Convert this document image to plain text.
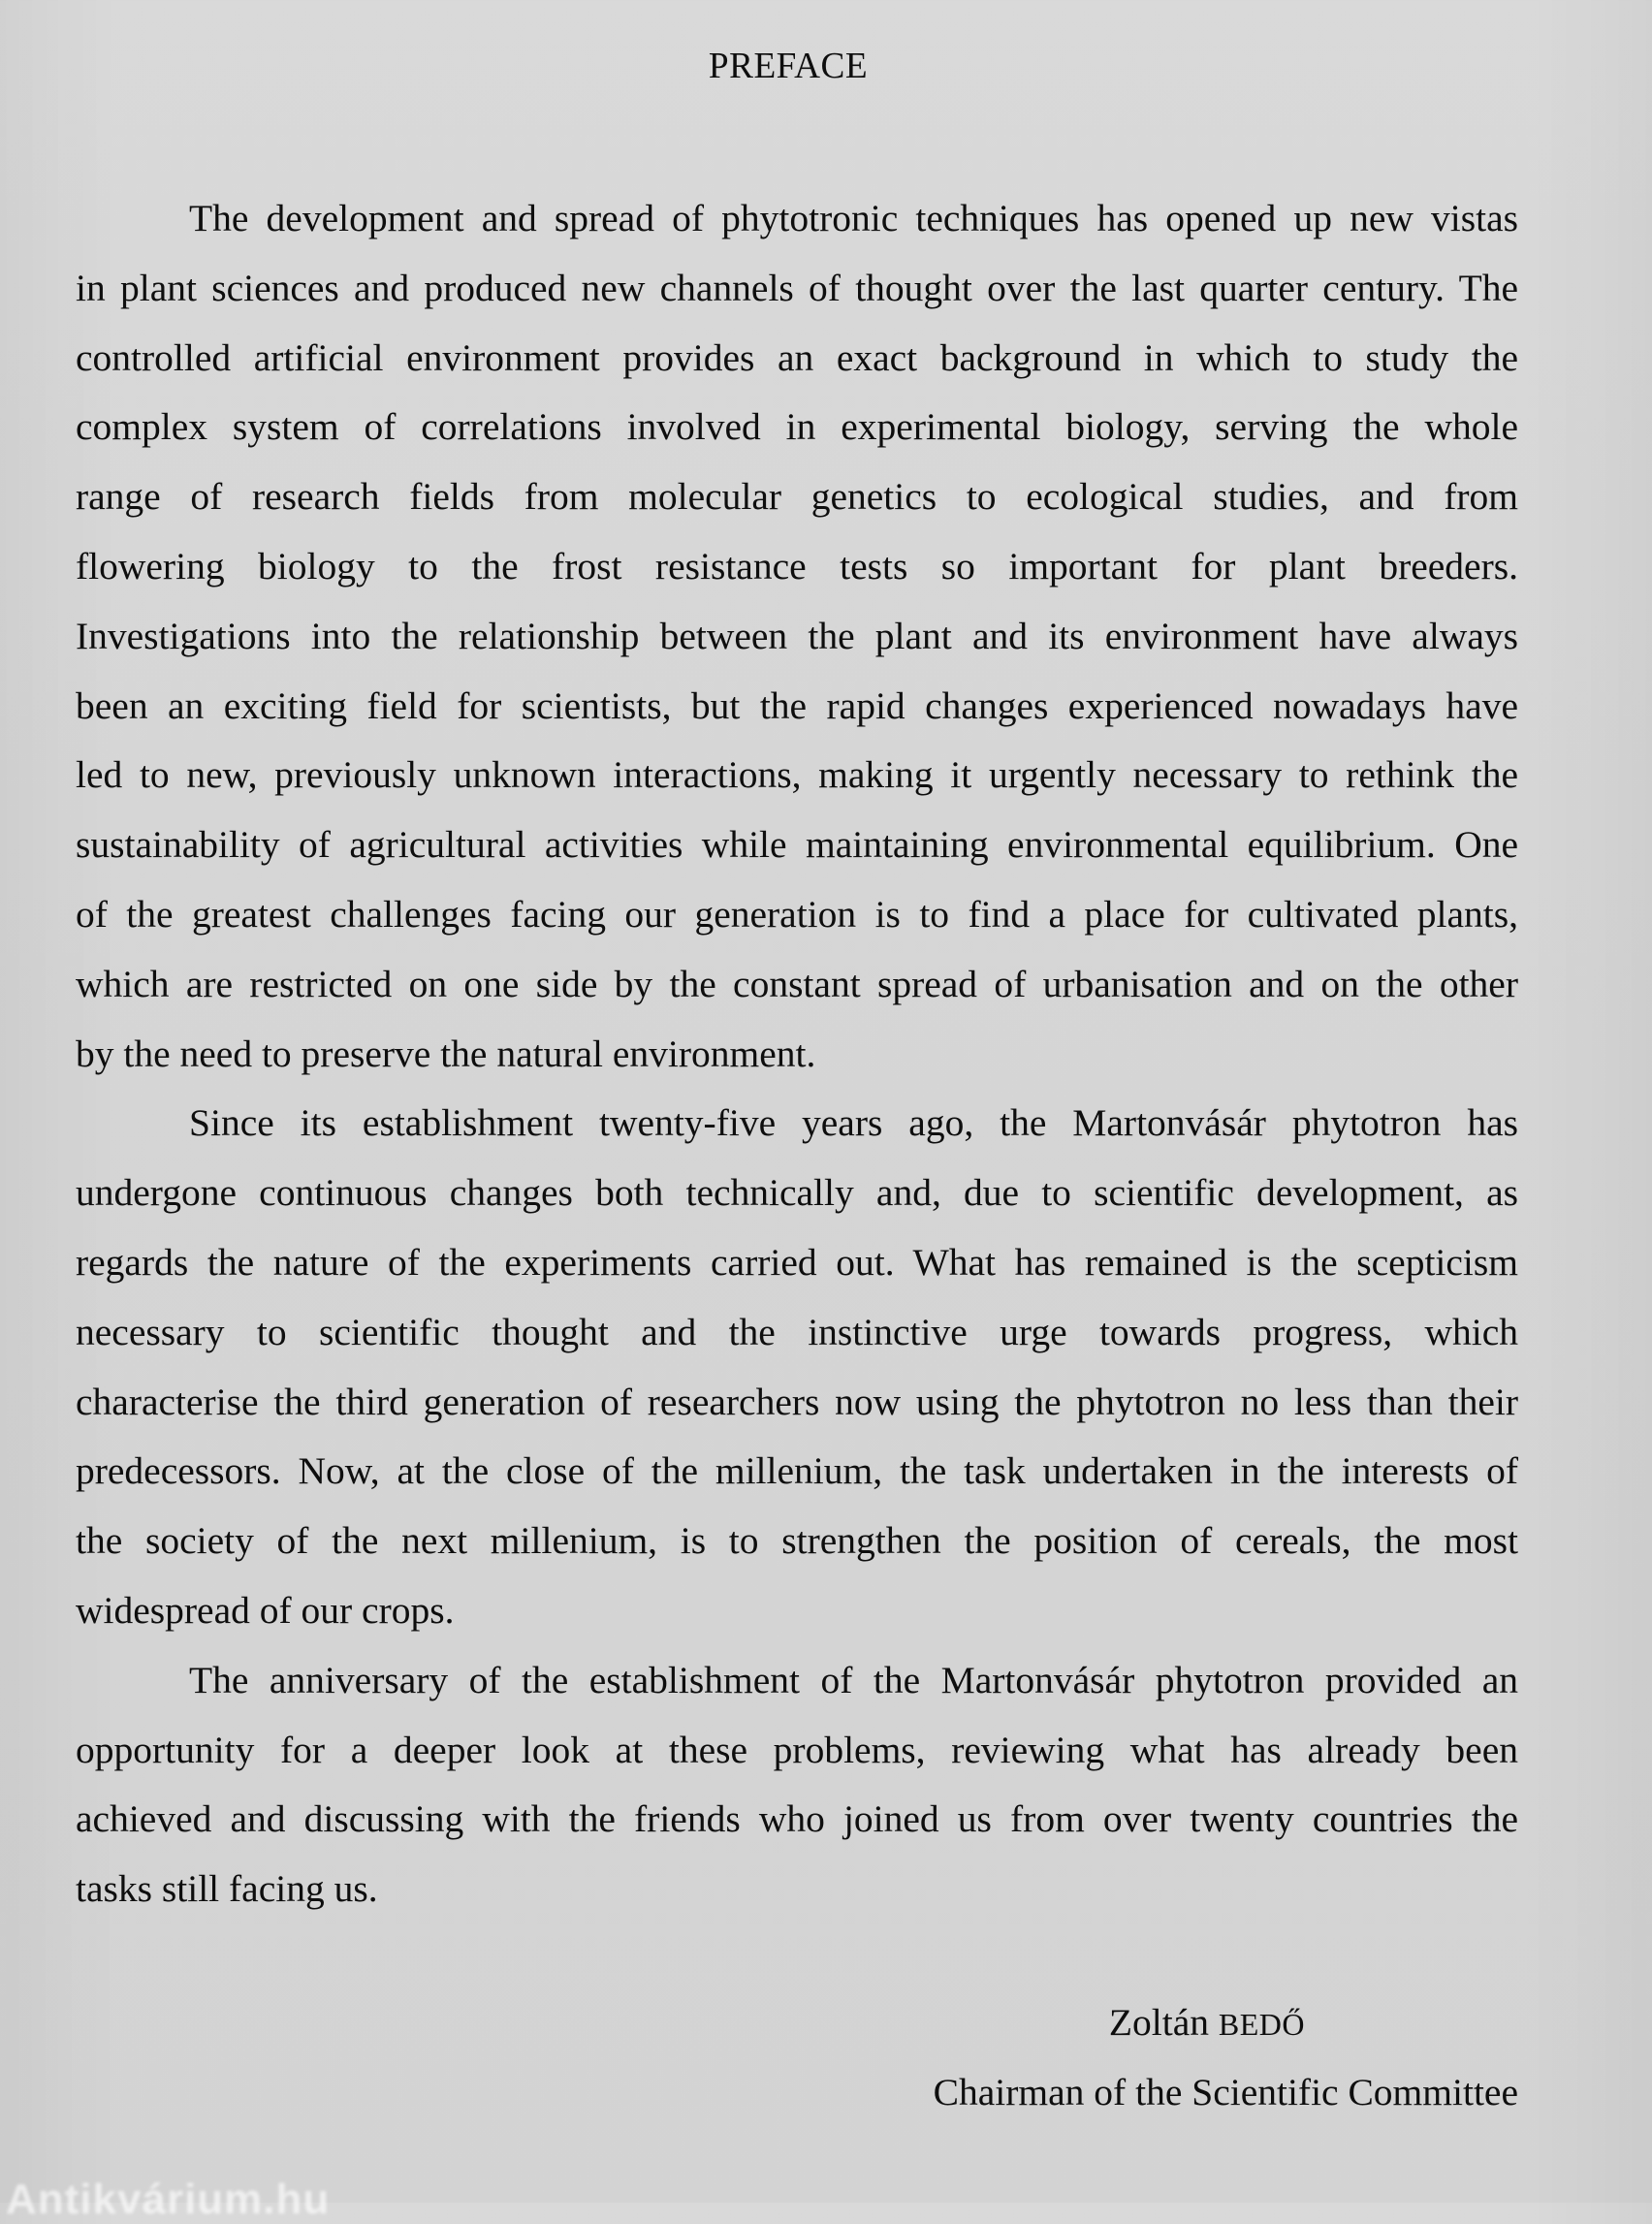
PREFACE
The development and spread of phytotronic techniques has opened up new vistas
in plant sciences and produced new channels of thought over the last quarter century. The
controlled artificial environment provides an exact background in which to study the
complex system of correlations involved in experimental biology, serving the whole
range of research fields from molecular genetics to ecological studies, and from
flowering biology to the frost resistance tests so important for plant breeders.
Investigations into the relationship between the plant and its environment have always
been an exciting field for scientists, but the rapid changes experienced nowadays have
led to new, previously unknown interactions, making it urgently necessary to rethink the
sustainability of agricultural activities while maintaining environmental equilibrium. One
of the greatest challenges facing our generation is to find a place for cultivated plants,
which are restricted on one side by the constant spread of urbanisation and on the other
by the need to preserve the natural environment.
Since its establishment twenty-five years ago, the Martonvásár phytotron has
undergone continuous changes both technically and, due to scientific development, as
regards the nature of the experiments carried out. What has remained is the scepticism
necessary to scientific thought and the instinctive urge towards progress, which
characterise the third generation of researchers now using the phytotron no less than their
predecessors. Now, at the close of the millenium, the task undertaken in the interests of
the society of the next millenium, is to strengthen the position of cereals, the most
widespread of our crops.
The anniversary of the establishment of the Martonvásár phytotron provided an
opportunity for a deeper look at these problems, reviewing what has already been
achieved and discussing with the friends who joined us from over twenty countries the
tasks still facing us.
Zoltán BEDŐ
Chairman of the Scientific Committee
Antikvárium.hu
